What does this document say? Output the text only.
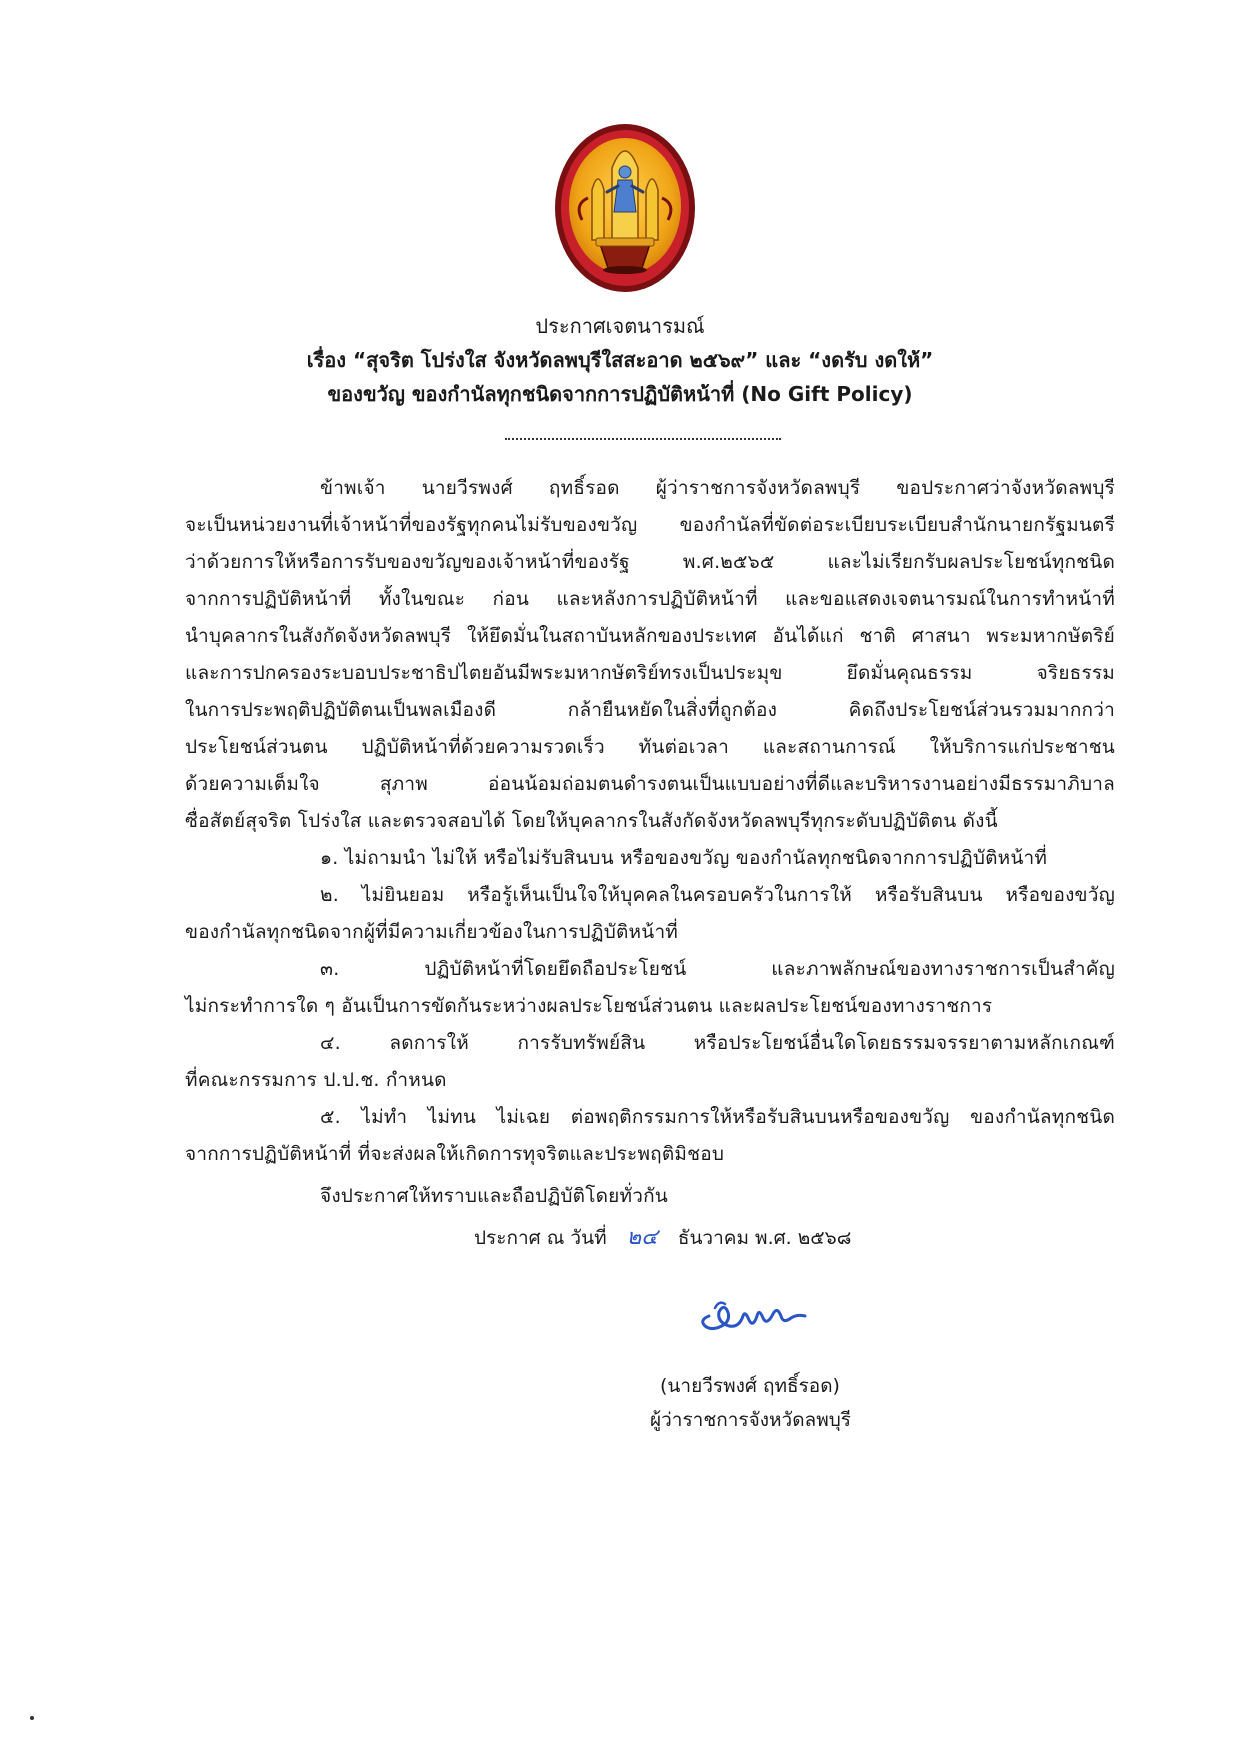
ประกาศเจตนารมณ์
เรื่อง “สุจริต โปร่งใส จังหวัดลพบุรีใสสะอาด ๒๕๖๙” และ “งดรับ งดให้”
ของขวัญ ของกำนัลทุกชนิดจากการปฏิบัติหน้าที่ (No Gift Policy)
ข้าพเจ้า นายวีรพงศ์ ฤทธิ์รอด ผู้ว่าราชการจังหวัดลพบุรี ขอประกาศว่าจังหวัดลพบุรี
จะเป็นหน่วยงานที่เจ้าหน้าที่ของรัฐทุกคนไม่รับของขวัญ ของกำนัลที่ขัดต่อระเบียบระเบียบสำนักนายกรัฐมนตรี
ว่าด้วยการให้หรือการรับของขวัญของเจ้าหน้าที่ของรัฐ พ.ศ.๒๕๖๕ และไม่เรียกรับผลประโยชน์ทุกชนิด
จากการปฏิบัติหน้าที่ ทั้งในขณะ ก่อน และหลังการปฏิบัติหน้าที่ และขอแสดงเจตนารมณ์ในการทำหน้าที่
นำบุคลากรในสังกัดจังหวัดลพบุรี ให้ยึดมั่นในสถาบันหลักของประเทศ อันได้แก่ ชาติ ศาสนา พระมหากษัตริย์
และการปกครองระบอบประชาธิปไตยอันมีพระมหากษัตริย์ทรงเป็นประมุข ยึดมั่นคุณธรรม จริยธรรม
ในการประพฤติปฏิบัติตนเป็นพลเมืองดี กล้ายืนหยัดในสิ่งที่ถูกต้อง คิดถึงประโยชน์ส่วนรวมมากกว่า
ประโยชน์ส่วนตน ปฏิบัติหน้าที่ด้วยความรวดเร็ว ทันต่อเวลา และสถานการณ์ ให้บริการแก่ประชาชน
ด้วยความเต็มใจ สุภาพ อ่อนน้อมถ่อมตนดำรงตนเป็นแบบอย่างที่ดีและบริหารงานอย่างมีธรรมาภิบาล
ซื่อสัตย์สุจริต โปร่งใส และตรวจสอบได้ โดยให้บุคลากรในสังกัดจังหวัดลพบุรีทุกระดับปฏิบัติตน ดังนี้
๑. ไม่ถามนำ ไม่ให้ หรือไม่รับสินบน หรือของขวัญ ของกำนัลทุกชนิดจากการปฏิบัติหน้าที่
๒. ไม่ยินยอม หรือรู้เห็นเป็นใจให้บุคคลในครอบครัวในการให้ หรือรับสินบน หรือของขวัญ
ของกำนัลทุกชนิดจากผู้ที่มีความเกี่ยวข้องในการปฏิบัติหน้าที่
๓. ปฏิบัติหน้าที่โดยยึดถือประโยชน์ และภาพลักษณ์ของทางราชการเป็นสำคัญ
ไม่กระทำการใด ๆ อันเป็นการขัดกันระหว่างผลประโยชน์ส่วนตน และผลประโยชน์ของทางราชการ
๔. ลดการให้ การรับทรัพย์สิน หรือประโยชน์อื่นใดโดยธรรมจรรยาตามหลักเกณฑ์
ที่คณะกรรมการ ป.ป.ช. กำหนด
๕. ไม่ทำ ไม่ทน ไม่เฉย ต่อพฤติกรรมการให้หรือรับสินบนหรือของขวัญ ของกำนัลทุกชนิด
จากการปฏิบัติหน้าที่ ที่จะส่งผลให้เกิดการทุจริตและประพฤติมิชอบ
จึงประกาศให้ทราบและถือปฏิบัติโดยทั่วกัน
ประกาศ ณ วันที่ ๒๔ ธันวาคม พ.ศ. ๒๕๖๘
(นายวีรพงศ์ ฤทธิ์รอด)
ผู้ว่าราชการจังหวัดลพบุรี
